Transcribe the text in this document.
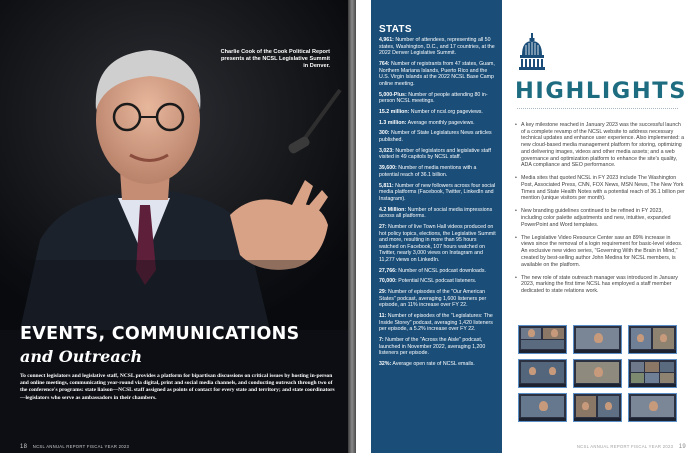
Charlie Cook of the Cook Political Report presents at the NCSL Legislative Summit in Denver.
EVENTS, COMMUNICATIONS
and Outreach

To connect legislators and legislative staff, NCSL provides a platform for bipartisan discussions on critical issues by hosting in-person and online meetings, communicating year-round via digital, print and social media channels, and conducting outreach through two of the conference's programs: state liaison—NCSL staff assigned as points of contact for every state and territory; and state coordinators—legislators who serve as ambassadors in their chambers.

18 NCSL ANNUAL REPORT FISCAL YEAR 2023
STATS

4,961: Number of attendees, representing all 50 states, Washington, D.C., and 17 countries, at the 2022 Denver Legislative Summit.

764: Number of registrants from 47 states, Guam, Northern Mariana Islands, Puerto Rico and the U.S. Virgin Islands at the 2022 NCSL Base Camp online meeting.

5,000-Plus: Number of people attending 80 in-person NCSL meetings.

15.2 million: Number of ncsl.org pageviews.

1.3 million: Average monthly pageviews.

300: Number of State Legislatures News articles published.

3,023: Number of legislators and legislative staff visited in 49 capitols by NCSL staff.

39,600: Number of media mentions with a potential reach of 36.1 billion.

5,811: Number of new followers across four social media platforms (Facebook, Twitter, LinkedIn and Instagram).

4.2 Million: Number of social media impressions across all platforms.

27: Number of live Town Hall videos produced on hot policy topics, elections, the Legislative Summit and more, resulting in more than 95 hours watched on Facebook, 107 hours watched on Twitter, nearly 3,000 views on Instagram and 11,277 views on LinkedIn.

27,766: Number of NCSL podcast downloads.

70,000: Potential NCSL podcast listeners.

29: Number of episodes of the "Our American States" podcast, averaging 1,600 listeners per episode, an 11% increase over FY 22.

11: Number of episodes of the "Legislatures: The Inside Storey" podcast, averaging 1,420 listeners per episode, a 5.2% increase over FY 22.

7: Number of the "Across the Aisle" podcast, launched in November 2022, averaging 1,200 listeners per episode.

32%: Average open rate of NCSL emails.

HIGHLIGHTS
• A key milestone reached in January 2023 was the successful launch of a complete revamp of the NCSL website to address necessary technical updates and enhance user experience. Also implemented: a new cloud-based media management platform for storing, optimizing and delivering images, videos and other media assets; and a web governance and optimization platform to enhance the site's quality, ADA compliance and SEO performance.
• Media sites that quoted NCSL in FY 2023 include The Washington Post, Associated Press, CNN, FOX News, MSN News, The New York Times and State Health Notes with a potential reach of 36.1 billion per mention (unique visitors per month).
• New branding guidelines continued to be refined in FY 2023, including color palette adjustments and new, intuitive, expanded PowerPoint and Word templates.
• The Legislative Video Resource Center saw an 89% increase in views since the removal of a login requirement for basic-level videos. An exclusive new video series, "Governing With the Brain in Mind," created by best-selling author John Medina for NCSL members, is available on the platform.
• The new role of state outreach manager was introduced in January 2023, marking the first time NCSL has employed a staff member dedicated to state relations work.
NCSL ANNUAL REPORT FISCAL YEAR 2023 19
